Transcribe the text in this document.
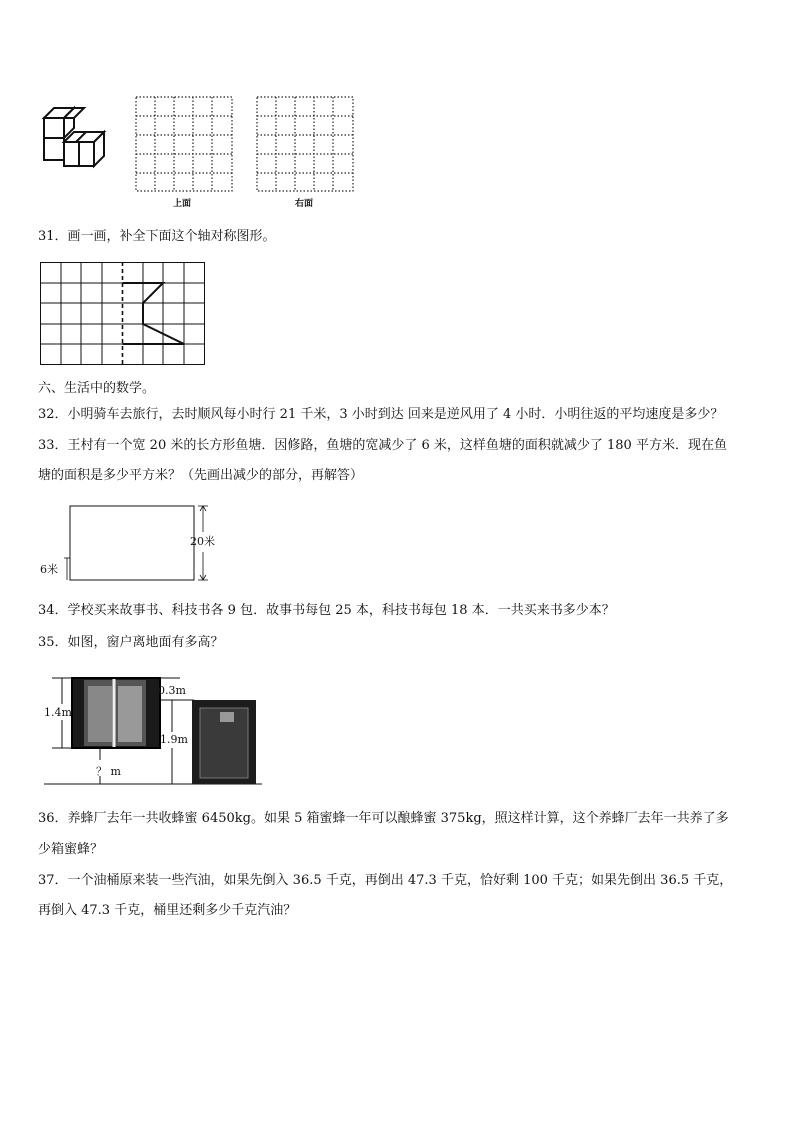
上面	右面
31．画一画，补全下面这个轴对称图形。
六、生活中的数学。
32．小明骑车去旅行，去时顺风每小时行 21 千米，3 小时到达 回来是逆风用了 4 小时．小明往返的平均速度是多少？
33．王村有一个宽 20 米的长方形鱼塘．因修路，鱼塘的宽减少了 6 米，这样鱼塘的面积就减少了 180 平方米．现在鱼
塘的面积是多少平方米？（先画出减少的部分，再解答）
20米
6米
34．学校买来故事书、科技书各 9 包．故事书每包 25 本，科技书每包 18 本．一共买来书多少本？
35．如图，窗户离地面有多高？
1.4m
0.3m
1.9m
？ m
36．养蜂厂去年一共收蜂蜜 6450kg。如果 5 箱蜜蜂一年可以酿蜂蜜 375kg，照这样计算，这个养蜂厂去年一共养了多
少箱蜜蜂？
37．一个油桶原来装一些汽油，如果先倒入 36.5 千克，再倒出 47.3 千克，恰好剩 100 千克；如果先倒出 36.5 千克，
再倒入 47.3 千克，桶里还剩多少千克汽油？
